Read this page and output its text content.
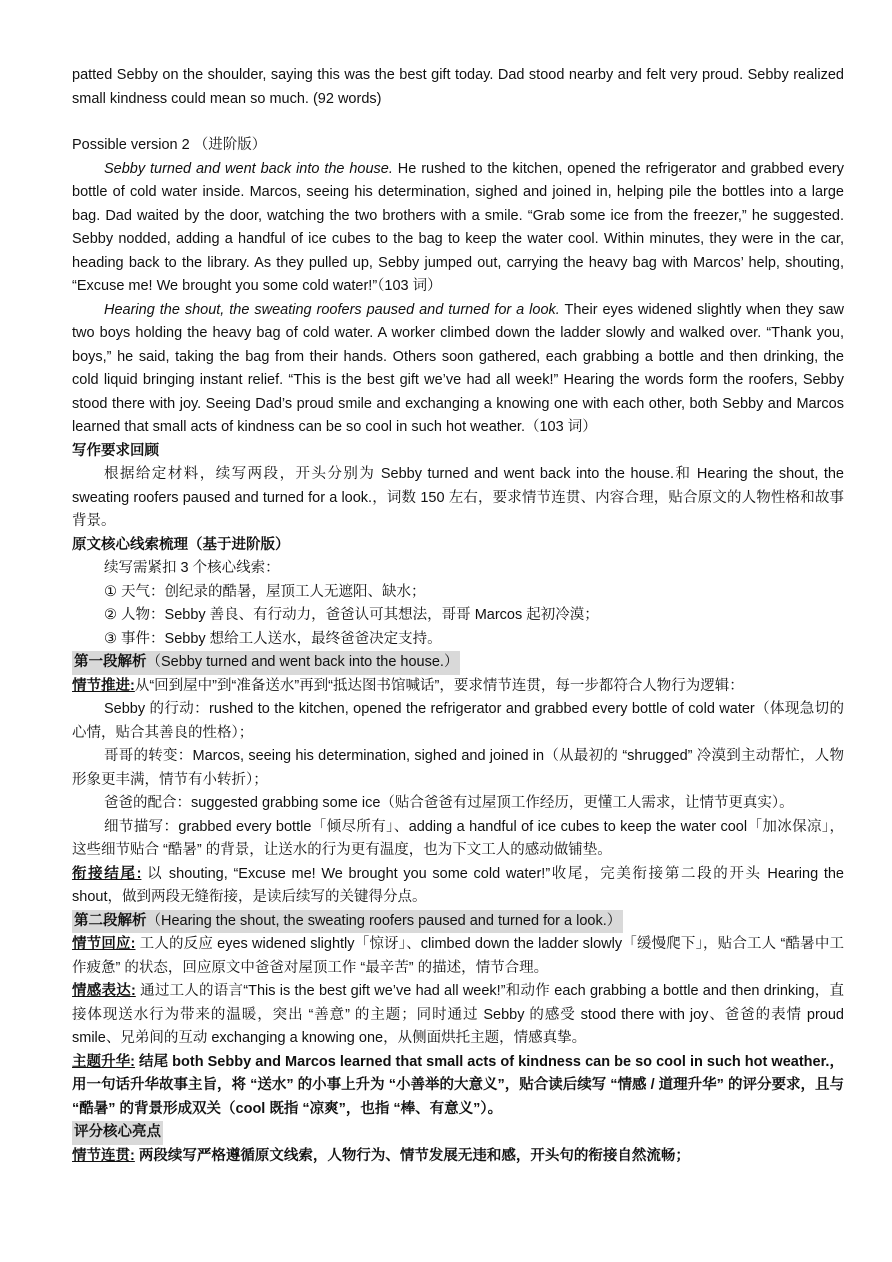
patted Sebby on the shoulder, saying this was the best gift today. Dad stood nearby and felt very proud. Sebby realized small kindness could mean so much. (92 words)

Possible version 2 （进阶版）

Sebby turned and went back into the house. He rushed to the kitchen, opened the refrigerator and grabbed every bottle of cold water inside. Marcos, seeing his determination, sighed and joined in, helping pile the bottles into a large bag. Dad waited by the door, watching the two brothers with a smile. “Grab some ice from the freezer,” he suggested. Sebby nodded, adding a handful of ice cubes to the bag to keep the water cool. Within minutes, they were in the car, heading back to the library. As they pulled up, Sebby jumped out, carrying the heavy bag with Marcos’ help, shouting, “Excuse me! We brought you some cold water!”（103 词）

Hearing the shout, the sweating roofers paused and turned for a look. Their eyes widened slightly when they saw two boys holding the heavy bag of cold water. A worker climbed down the ladder slowly and walked over. “Thank you, boys,” he said, taking the bag from their hands. Others soon gathered, each grabbing a bottle and then drinking, the cold liquid bringing instant relief. “This is the best gift we’ve had all week!” Hearing the words form the roofers, Sebby stood there with joy. Seeing Dad’s proud smile and exchanging a knowing one with each other, both Sebby and Marcos learned that small acts of kindness can be so cool in such hot weather.（103 词）

写作要求回顾

根据给定材料，续写两段，开头分别为 Sebby turned and went back into the house.和 Hearing the shout, the sweating roofers paused and turned for a look.，词数 150 左右，要求情节连贯、内容合理，贴合原文的人物性格和故事背景。

原文核心线索梳理（基于进阶版）

续写需紧扣 3 个核心线索：

① 天气：创纪录的酷暑，屋顶工人无遮阳、缺水；

② 人物：Sebby 善良、有行动力，爸爸认可其想法，哥哥 Marcos 起初冷漠；

③ 事件：Sebby 想给工人送水，最终爸爸决定支持。

第一段解析（Sebby turned and went back into the house.）

情节推进:从“回到屋中”到“准备送水”再到“抵达图书馆喊话”，要求情节连贯，每一步都符合人物行为逻辑：

Sebby 的行动：rushed to the kitchen, opened the refrigerator and grabbed every bottle of cold water（体现急切的心情，贴合其善良的性格）；

哥哥的转变：Marcos, seeing his determination, sighed and joined in（从最初的 “shrugged” 冷漠到主动帮忙，人物形象更丰满，情节有小转折）；

爸爸的配合：suggested grabbing some ice（贴合爸爸有过屋顶工作经历，更懂工人需求，让情节更真实）。

细节描写：grabbed every bottle「倾尽所有」、adding a handful of ice cubes to keep the water cool「加冰保凉」，这些细节贴合 “酷暑” 的背景，让送水的行为更有温度，也为下文工人的感动做铺垫。

衔接结尾: 以 shouting, “Excuse me! We brought you some cold water!”收尾，完美衔接第二段的开头 Hearing the shout，做到两段无缝衔接，是读后续写的关键得分点。

第二段解析（Hearing the shout, the sweating roofers paused and turned for a look.）

情节回应: 工人的反应 eyes widened slightly「惊讶」、climbed down the ladder slowly「缓慢爬下」，贴合工人 “酷暑中工作疲惫” 的状态，回应原文中爸爸对屋顶工作 “最辛苦” 的描述，情节合理。

情感表达: 通过工人的语言“This is the best gift we’ve had all week!”和动作 each grabbing a bottle and then drinking，直接体现送水行为带来的温暖，突出 “善意” 的主题；同时通过 Sebby 的感受 stood there with joy、爸爸的表情 proud smile、兄弟间的互动 exchanging a knowing one，从侧面烘托主题，情感真挚。

主题升华: 结尾 both Sebby and Marcos learned that small acts of kindness can be so cool in such hot weather.，用一句话升华故事主旨，将 “送水” 的小事上升为 “小善举的大意义”，贴合读后续写 “情感 / 道理升华” 的评分要求，且与 “酷暑” 的背景形成双关（cool 既指 “凉爽”，也指 “棒、有意义”）。

评分核心亮点

情节连贯: 两段续写严格遵循原文线索，人物行为、情节发展无违和感，开头句的衔接自然流畅；
